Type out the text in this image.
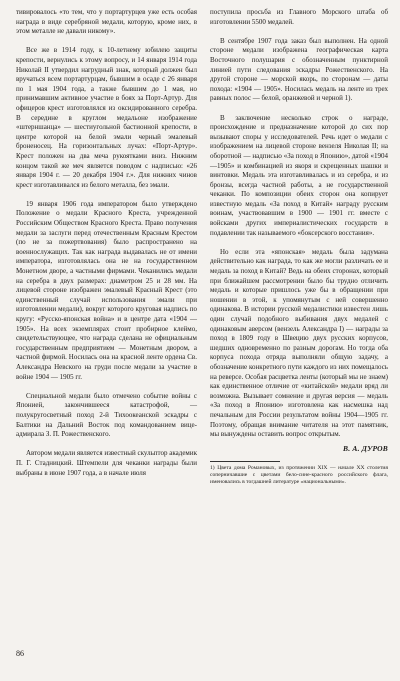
тивировалось «то тем, что у портартурцев уже есть особая награда в виде серебряной медали, которую, кроме них, в этом металле не давали никому».

Все же в 1914 году, к 10-летнему юбилею защиты крепости, вернулись к этому вопросу, и 14 января 1914 года Николай II утвердил нагрудный знак, который должен был вручаться всем портартурцам, бывшим в осаде с 26 января по 1 мая 1904 года, а также бывшим до 1 мая, но принимавшим активное участие в боях за Порт-Артур. Для офицеров крест изготовлялся из оксидированного серебра. В середине в круглом медальоне изображение «штерншанца» — шестиугольной бастионной крепости, в центре которой на белой эмали черный эмалевый броненосец. На горизонтальных лучах: «Порт-Артур». Крест положен на два меча рукоятками вниз. Нижним концом такой же меч является поводом с надписью: «26 января 1904 г. — 20 декабря 1904 г.». Для нижних чинов крест изготавливался из белого металла, без эмали.

19 января 1906 года императором было утверждено Положение о медали Красного Креста, учрежденной Российским Обществом Красного Креста. Право получения медали за заслуги перед отечественным Красным Крестом (по не за пожертвования) было распространено на военнослужащих. Так как награда выдавалась не от имени императора, изготовлялась она не на государственном Монетном дворе, а частными фирмами. Чеканились медали на серебра в двух размерах: диаметром 25 и 28 мм. На лицевой стороне изображен эмалевый Красный Крест (это единственный случай использования эмали при изготовлении медали), вокруг которого круговая надпись по кругу: «Русско-японская война» и в центре дата «1904 — 1905». На всех экземплярах стоит пробирное клеймо, свидетельствующее, что награда сделана не официальным государственным предприятием — Монетным двором, а частной фирмой. Носилась она на красной ленте ордена Св. Александра Невского на груди после медали за участие в войне 1904 — 1905 гг.

Специальной медали было отмечено событие войны с Японией, закончившееся катастрофой, — полукругосветный поход 2-й Тихоокеанской эскадры с Балтики на Дальний Восток под командованием вице-адмирала З. П. Рожественского.

Автором медали является известный скульптор академик П. Г. Стадницкий. Штемпели для чеканки награды были выбраны в июне 1907 года, а в начале июля

поступила просьба из Главного Морского штаба об изготовлении 5500 медалей.

В сентябре 1907 года заказ был выполнен. На одной стороне медали изображена географическая карта Восточного полушария с обозначенным пунктирной линией пути следования эскадры Рожественского. На другой стороне — морской якорь, по сторонам — даты похода: «1904 — 1905». Носилась медаль на ленте из трех равных полос — белой, оранжевой и черной 1).

В заключение несколько строк о награде, происхождение и предназначение которой до сих пор вызывают споры у исследователей. Речь идет о медали с изображением на лицевой стороне вензеля Николая II; на оборотной — надписью «За поход в Японию», датой «1904—1905» и комбинацией из якоря и скрещенных шашки и винтовки. Медаль эта изготавливалась и из серебра, и из бронзы, всегда частной работы, а не государственной чеканки. По композиции обеих сторон она копирует известную медаль «За поход в Китай» награду русским воинам, участвовавшим в 1900 — 1901 гг. вместе с войсками других империалистических государств в подавлении так называемого «боксерского восстания».

Но если эта «японская» медаль была задумана действительно как награда, то как же могли различать ее и медаль за поход в Китай? Ведь на обеих сторонах, который при ближайшем рассмотрении было бы трудно отличить медаль и которые пришлось уже бы в обращении при ношении в этой, к упомянутым с ней совершенно одинакова. В истории русской медалистики известен лишь один случай подобного выбивания двух медалей с одинаковым аверсом (вензель Александра I) — награды за поход в 1809 году в Швецию двух русских корпусов, шедших одновременно по разным дорогам. Но тогда оба корпуса похода отряда выполняли общую задачу, а обозначение конкретного пути каждого из них помещалось на реверсе. Особая расцветка ленты (который мы не знаем) как единственное отличие от «китайской» медали вряд ли возможна. Вызывает сомнение и другая версия — медаль «За поход в Японию» изготовлена как насмешка над печальным для России результатом войны 1904—1905 гг. Поэтому, обращая внимание читателя на этот памятник, мы вынуждены оставить вопрос открытым.

В. А. ДУРОВ
1) Цвета дома Романовых, из протяжении XIX — начале XX столетия соперничавшие с цветами бело-сине-красного российского флага, именовались в тогдашней литературе «национальными».
86
